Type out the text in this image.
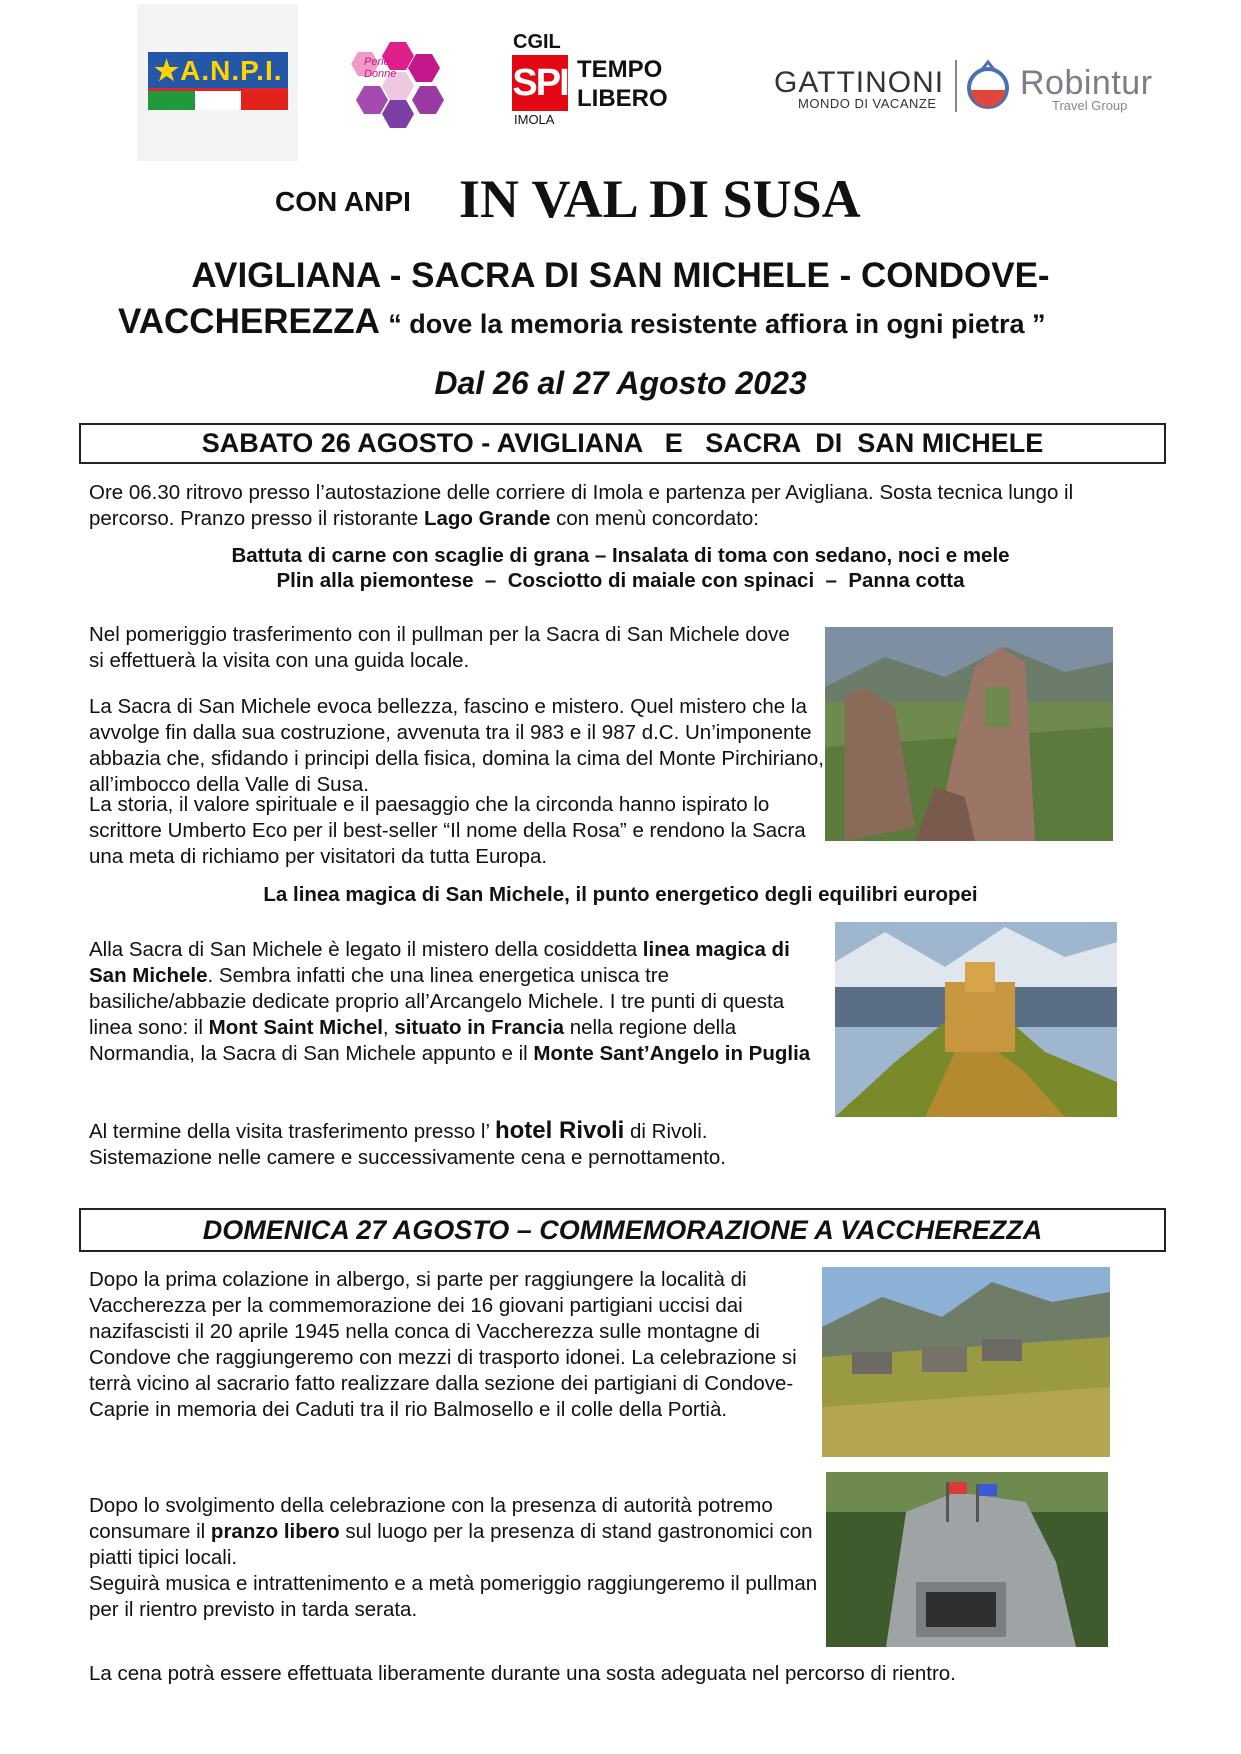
★A.N.P.I.	Perle Donne
CGIL
SPI
IMOLA
TEMPO
LIBERO	GATTINONI
MONDO DI VACANZE
Robintur
Travel Group
CON ANPI IN VAL DI SUSA
AVIGLIANA - SACRA DI SAN MICHELE - CONDOVE-
VACCHEREZZA “ dove la memoria resistente affiora in ogni pietra ”
Dal 26 al 27 Agosto 2023
SABATO 26 AGOSTO - AVIGLIANA   E   SACRA  DI  SAN MICHELE

Ore 06.30 ritrovo presso l’autostazione delle corriere di Imola e partenza per Avigliana. Sosta tecnica lungo il percorso. Pranzo presso il ristorante Lago Grande con menù concordato:

Battuta di carne con scaglie di grana – Insalata di toma con sedano, noci e mele
Plin alla piemontese  –  Cosciotto di maiale con spinaci  –  Panna cotta

Nel pomeriggio trasferimento con il pullman per la Sacra di San Michele dove si effettuerà la visita con una guida locale.

La Sacra di San Michele evoca bellezza, fascino e mistero. Quel mistero che la avvolge fin dalla sua costruzione, avvenuta tra il 983 e il 987 d.C. Un’imponente abbazia che, sfidando i principi della fisica, domina la cima del Monte Pirchiriano, all’imbocco della Valle di Susa.

La storia, il valore spirituale e il paesaggio che la circonda hanno ispirato lo scrittore Umberto Eco per il best-seller “Il nome della Rosa” e rendono la Sacra una meta di richiamo per visitatori da tutta Europa.

La linea magica di San Michele, il punto energetico degli equilibri europei

Alla Sacra di San Michele è legato il mistero della cosiddetta linea magica di San Michele. Sembra infatti che una linea energetica unisca tre basiliche/abbazie dedicate proprio all’Arcangelo Michele. I tre punti di questa linea sono: il Mont Saint Michel, situato in Francia nella regione della Normandia, la Sacra di San Michele appunto e il Monte Sant’Angelo in Puglia

Al termine della visita trasferimento presso l’ hotel Rivoli di Rivoli.
Sistemazione nelle camere e successivamente cena e pernottamento.

DOMENICA 27 AGOSTO – COMMEMORAZIONE A VACCHEREZZA

Dopo la prima colazione in albergo, si parte per raggiungere la località di Vaccherezza per la commemorazione dei 16 giovani partigiani uccisi dai nazifascisti il 20 aprile 1945 nella conca di Vaccherezza sulle montagne di Condove che raggiungeremo con mezzi di trasporto idonei. La celebrazione si terrà vicino al sacrario fatto realizzare dalla sezione dei partigiani di Condove-Caprie in memoria dei Caduti tra il rio Balmosello e il colle della Portià.

Dopo lo svolgimento della celebrazione con la presenza di autorità potremo consumare il pranzo libero sul luogo per la presenza di stand gastronomici con piatti tipici locali.
Seguirà musica e intrattenimento e a metà pomeriggio raggiungeremo il pullman per il rientro previsto in tarda serata.

La cena potrà essere effettuata liberamente durante una sosta adeguata nel percorso di rientro.
